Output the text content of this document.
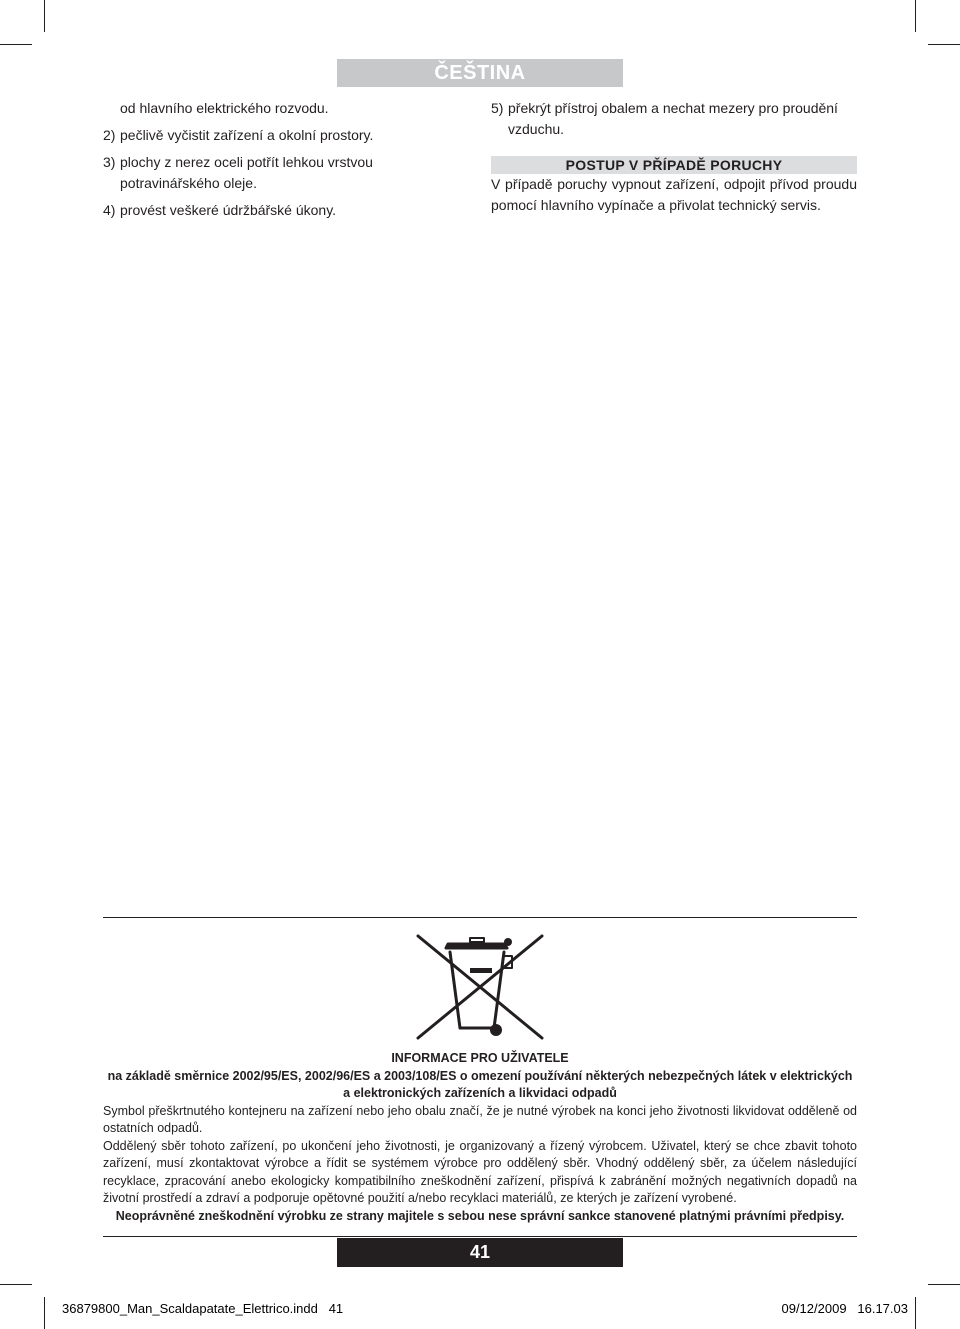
ČEŠTINA

od hlavního elektrického rozvodu.

2) pečlivě vyčistit zařízení a okolní prostory.
3) plochy z nerez oceli potřít lehkou vrstvou potravinářského oleje.
4) provést veškeré údržbářské úkony.
5) překrýt přístroj obalem a nechat mezery pro proudění vzduchu.
POSTUP V PŘÍPADĚ PORUCHY

V případě poruchy vypnout zařízení, odpojit přívod proudu pomocí hlavního vypínače a přivolat technický servis.

INFORMACE PRO UŽIVATELE

na základě směrnice 2002/95/ES, 2002/96/ES a 2003/108/ES o omezení používání některých nebezpečných látek v elektrických a elektronických zařízeních a likvidaci odpadů

Symbol přeškrtnutého kontejneru na zařízení nebo jeho obalu značí, že je nutné výrobek na konci jeho životnosti likvidovat odděleně od ostatních odpadů.

Oddělený sběr tohoto zařízení, po ukončení jeho životnosti, je organizovaný a řízený výrobcem. Uživatel, který se chce zbavit tohoto zařízení, musí zkontaktovat výrobce a řídit se systémem výrobce pro oddělený sběr. Vhodný oddělený sběr, za účelem následující recyklace, zpracování anebo ekologicky kompatibilního zneškodnění zařízení, přispívá k zabránění možných negativních dopadů na životní prostředí a zdraví a podporuje opětovné použití a/nebo recyklaci materiálů, ze kterých je zařízení vyrobené.

Neoprávněné zneškodnění výrobku ze strany majitele s sebou nese správní sankce stanovené platnými právními předpisy.

41
36879800_Man_Scaldapatate_Elettrico.indd   41	09/12/2009   16.17.03
